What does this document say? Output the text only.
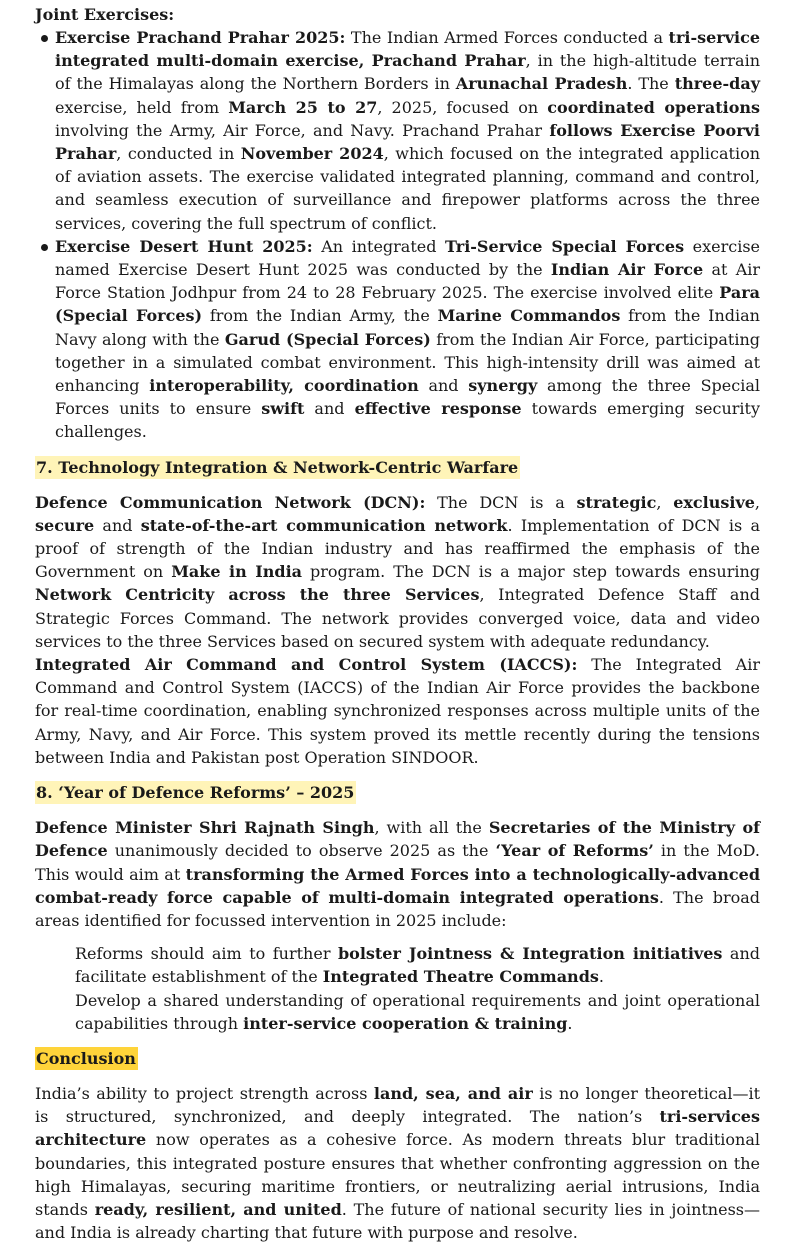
Joint Exercises:
Exercise Prachand Prahar 2025: The Indian Armed Forces conducted a tri-service integrated multi-domain exercise, Prachand Prahar, in the high-altitude terrain of the Himalayas along the Northern Borders in Arunachal Pradesh. The three-day exercise, held from March 25 to 27, 2025, focused on coordinated operations involving the Army, Air Force, and Navy. Prachand Prahar follows Exercise Poorvi Prahar, conducted in November 2024, which focused on the integrated application of aviation assets. The exercise validated integrated planning, command and control, and seamless execution of surveillance and firepower platforms across the three services, covering the full spectrum of conflict.
Exercise Desert Hunt 2025: An integrated Tri-Service Special Forces exercise named Exercise Desert Hunt 2025 was conducted by the Indian Air Force at Air Force Station Jodhpur from 24 to 28 February 2025. The exercise involved elite Para (Special Forces) from the Indian Army, the Marine Commandos from the Indian Navy along with the Garud (Special Forces) from the Indian Air Force, participating together in a simulated combat environment. This high-intensity drill was aimed at enhancing interoperability, coordination and synergy among the three Special Forces units to ensure swift and effective response towards emerging security challenges.
7. Technology Integration & Network-Centric Warfare

Defence Communication Network (DCN): The DCN is a strategic, exclusive, secure and state-of-the-art communication network. Implementation of DCN is a proof of strength of the Indian industry and has reaffirmed the emphasis of the Government on Make in India program. The DCN is a major step towards ensuring Network Centricity across the three Services, Integrated Defence Staff and Strategic Forces Command. The network provides converged voice, data and video services to the three Services based on secured system with adequate redundancy.

Integrated Air Command and Control System (IACCS): The Integrated Air Command and Control System (IACCS) of the Indian Air Force provides the backbone for real-time coordination, enabling synchronized responses across multiple units of the Army, Navy, and Air Force. This system proved its mettle recently during the tensions between India and Pakistan post Operation SINDOOR.

8. ‘Year of Defence Reforms’ – 2025

Defence Minister Shri Rajnath Singh, with all the Secretaries of the Ministry of Defence unanimously decided to observe 2025 as the ‘Year of Reforms’ in the MoD. This would aim at transforming the Armed Forces into a technologically-advanced combat-ready force capable of multi-domain integrated operations. The broad areas identified for focussed intervention in 2025 include:

Reforms should aim to further bolster Jointness & Integration initiatives and facilitate establishment of the Integrated Theatre Commands.

Develop a shared understanding of operational requirements and joint operational capabilities through inter-service cooperation & training.

Conclusion

India’s ability to project strength across land, sea, and air is no longer theoretical—it is structured, synchronized, and deeply integrated. The nation’s tri-services architecture now operates as a cohesive force. As modern threats blur traditional boundaries, this integrated posture ensures that whether confronting aggression on the high Himalayas, securing maritime frontiers, or neutralizing aerial intrusions, India stands ready, resilient, and united. The future of national security lies in jointness—and India is already charting that future with purpose and resolve.
